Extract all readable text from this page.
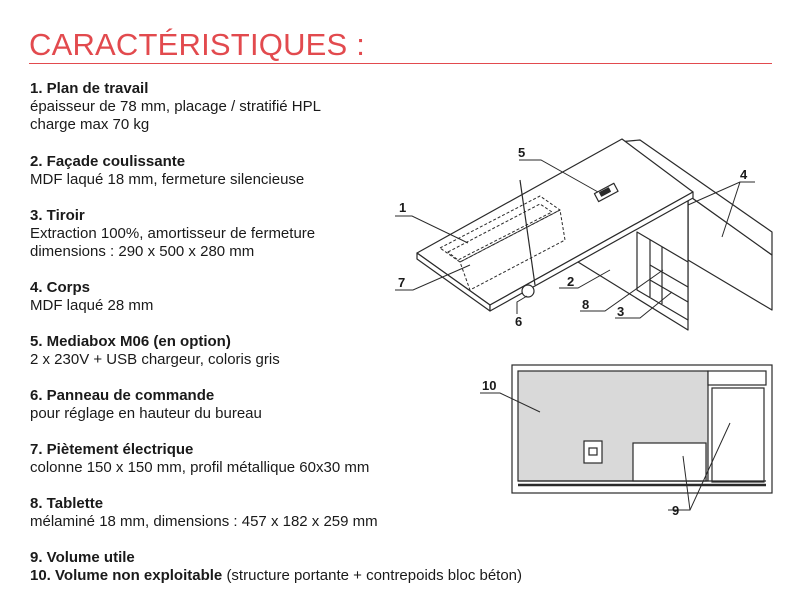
CARACTÉRISTIQUES :
1. Plan de travail
épaisseur de 78 mm, placage / stratifié HPL
charge max 70 kg
2. Façade coulissante
MDF laqué 18 mm, fermeture silencieuse
3. Tiroir
Extraction 100%, amortisseur de fermeture
dimensions : 290 x 500 x 280 mm
4. Corps
MDF laqué 28 mm
5. Mediabox M06 (en option)
2 x 230V + USB chargeur, coloris gris
6. Panneau de commande
pour réglage en hauteur du bureau
7. Piètement électrique
colonne 150 x 150 mm, profil métallique 60x30 mm
8. Tablette
mélaminé 18 mm, dimensions : 457 x 182 x 259 mm
9. Volume utile
10. Volume non exploitable (structure portante + contrepoids bloc béton)
1
2
3
4
5
6
7
8
10
9
